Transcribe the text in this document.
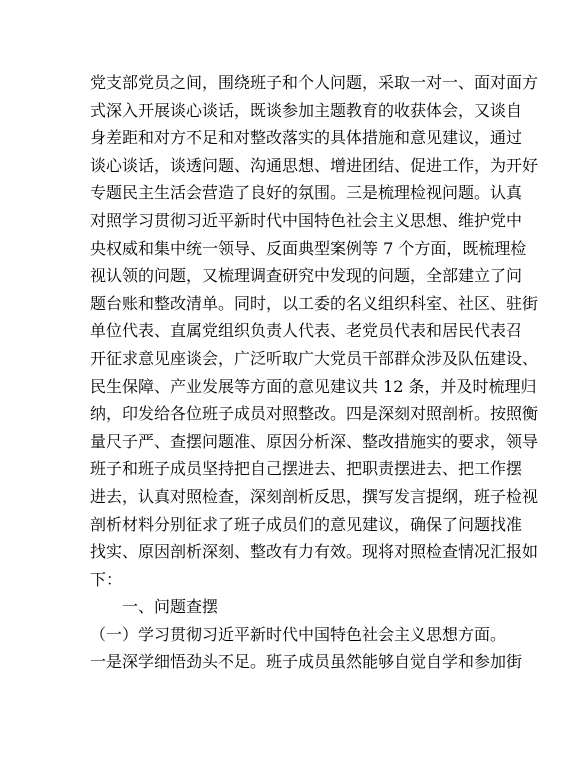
党支部党员之间，围绕班子和个人问题，采取一对一、面对面方
式深入开展谈心谈话，既谈参加主题教育的收获体会，又谈自
身差距和对方不足和对整改落实的具体措施和意见建议，通过
谈心谈话，谈透问题、沟通思想、增进团结、促进工作，为开好
专题民主生活会营造了良好的氛围。三是梳理检视问题。认真
对照学习贯彻习近平新时代中国特色社会主义思想、维护党中
央权威和集中统一领导、反面典型案例等 7 个方面，既梳理检
视认领的问题，又梳理调查研究中发现的问题，全部建立了问
题台账和整改清单。同时，以工委的名义组织科室、社区、驻街
单位代表、直属党组织负责人代表、老党员代表和居民代表召
开征求意见座谈会，广泛听取广大党员干部群众涉及队伍建设、
民生保障、产业发展等方面的意见建议共 12 条，并及时梳理归
纳，印发给各位班子成员对照整改。四是深刻对照剖析。按照衡
量尺子严、查摆问题准、原因分析深、整改措施实的要求，领导
班子和班子成员坚持把自己摆进去、把职责摆进去、把工作摆
进去，认真对照检查，深刻剖析反思，撰写发言提纲，班子检视
剖析材料分别征求了班子成员们的意见建议，确保了问题找准
找实、原因剖析深刻、整改有力有效。现将对照检查情况汇报如
下：
一、问题查摆
（一）学习贯彻习近平新时代中国特色社会主义思想方面。
一是深学细悟劲头不足。班子成员虽然能够自觉自学和参加街
